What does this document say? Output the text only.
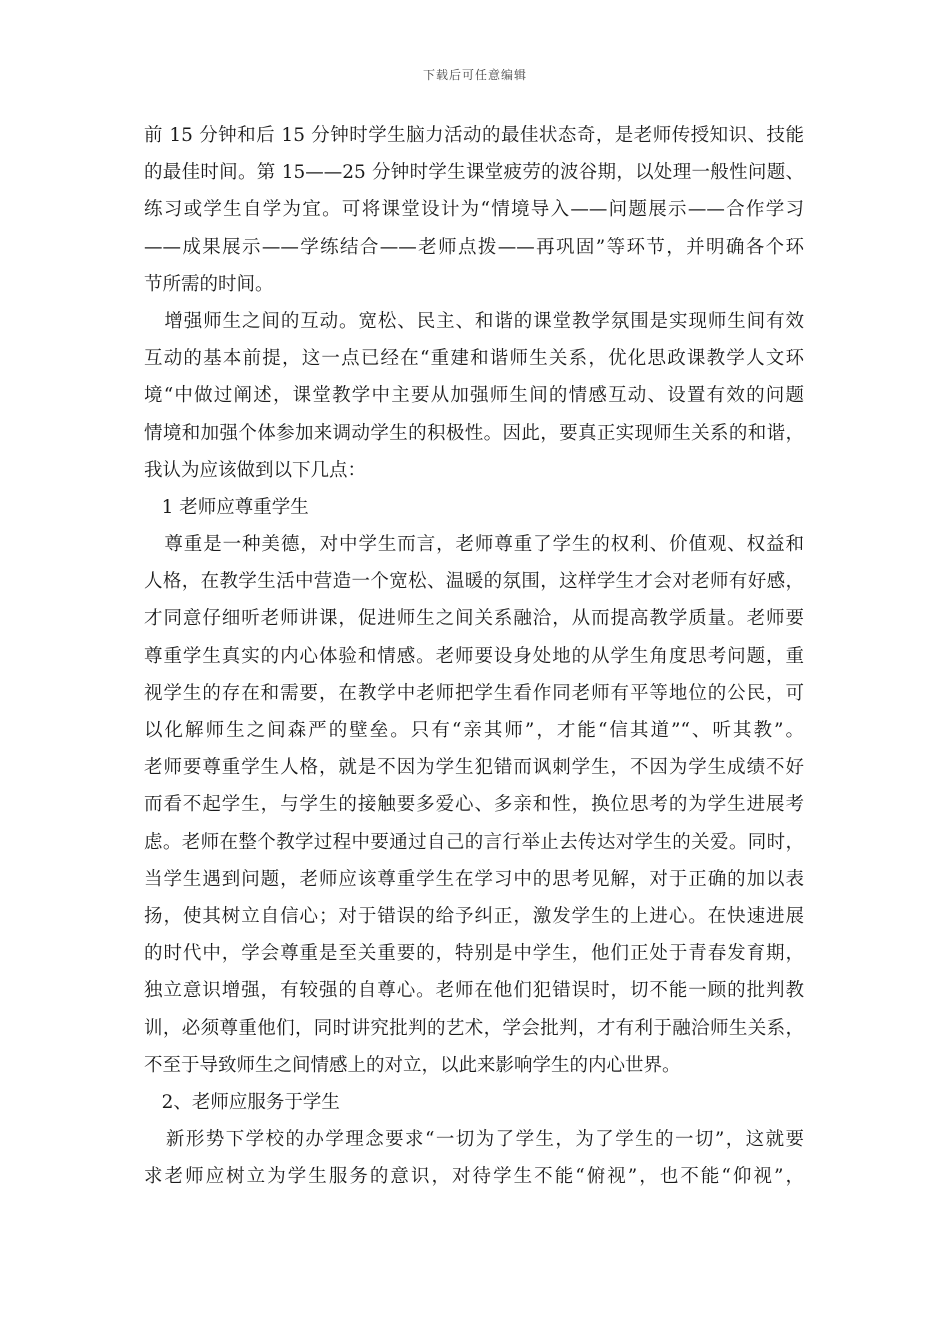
下载后可任意编辑
前 15 分钟和后 15 分钟时学生脑力活动的最佳状态奇，是老师传授知识、技能
的最佳时间。第 15——25 分钟时学生课堂疲劳的波谷期，以处理一般性问题、
练习或学生自学为宜。可将课堂设计为“情境导入——问题展示——合作学习
——成果展示——学练结合——老师点拨——再巩固”等环节，并明确各个环
节所需的时间。
增强师生之间的互动。宽松、民主、和谐的课堂教学氛围是实现师生间有效
互动的基本前提，这一点已经在“重建和谐师生关系，优化思政课教学人文环
境“中做过阐述，课堂教学中主要从加强师生间的情感互动、设置有效的问题
情境和加强个体参加来调动学生的积极性。因此，要真正实现师生关系的和谐，
我认为应该做到以下几点：
1 老师应尊重学生
尊重是一种美德，对中学生而言，老师尊重了学生的权利、价值观、权益和
人格，在教学生活中营造一个宽松、温暖的氛围，这样学生才会对老师有好感，
才同意仔细听老师讲课，促进师生之间关系融洽，从而提高教学质量。老师要
尊重学生真实的内心体验和情感。老师要设身处地的从学生角度思考问题，重
视学生的存在和需要，在教学中老师把学生看作同老师有平等地位的公民，可
以化解师生之间森严的壁垒。只有“亲其师”，才能“信其道”“、听其教”。
老师要尊重学生人格，就是不因为学生犯错而讽刺学生，不因为学生成绩不好
而看不起学生，与学生的接触要多爱心、多亲和性，换位思考的为学生进展考
虑。老师在整个教学过程中要通过自己的言行举止去传达对学生的关爱。同时，
当学生遇到问题，老师应该尊重学生在学习中的思考见解，对于正确的加以表
扬，使其树立自信心；对于错误的给予纠正，激发学生的上进心。在快速进展
的时代中，学会尊重是至关重要的，特别是中学生，他们正处于青春发育期，
独立意识增强，有较强的自尊心。老师在他们犯错误时，切不能一顾的批判教
训，必须尊重他们，同时讲究批判的艺术，学会批判，才有利于融洽师生关系，
不至于导致师生之间情感上的对立，以此来影响学生的内心世界。
2、老师应服务于学生
新形势下学校的办学理念要求“一切为了学生，为了学生的一切”，这就要
求老师应树立为学生服务的意识，对待学生不能“俯视”，也不能“仰视”，
